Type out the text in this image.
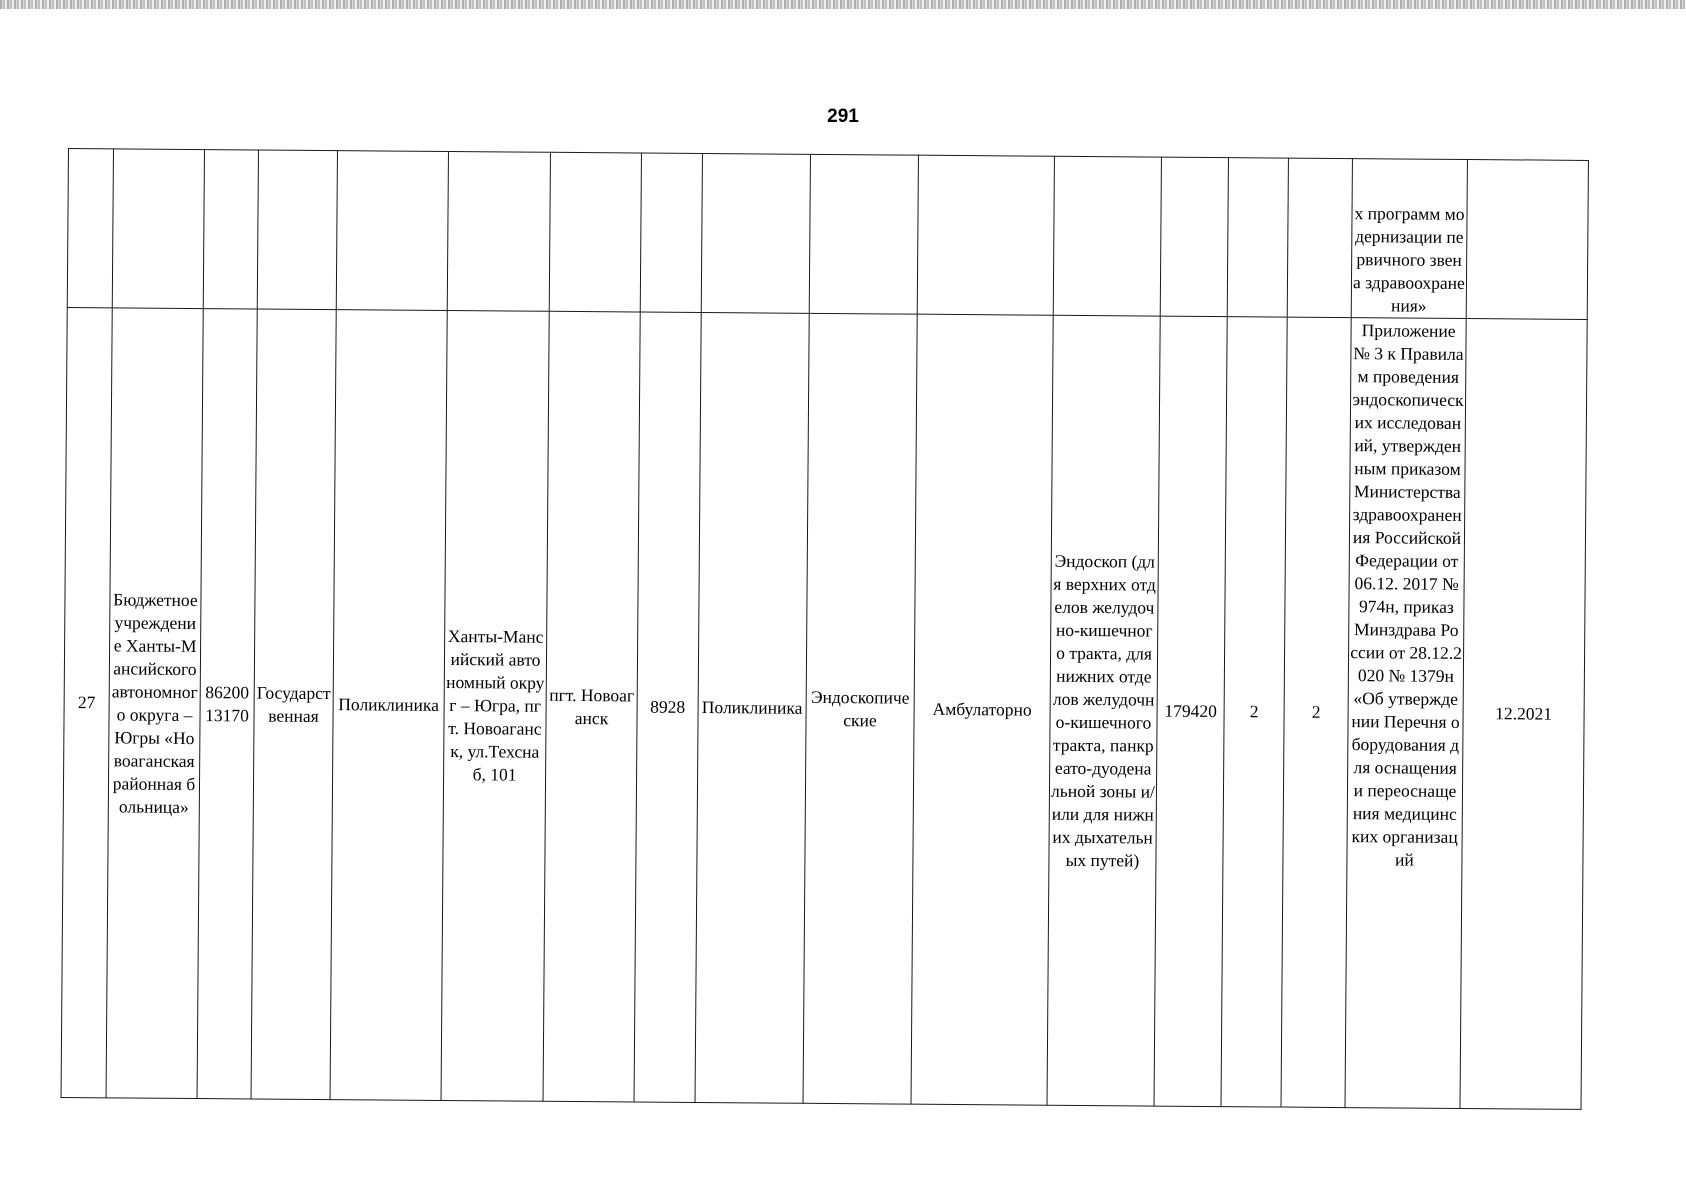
291
															х программ модернизации первичного звена здравоохранения»	
27	Бюджетное учреждение Ханты-Мансийского автономного округа – Югры «Новоаганская районная больница»	8620013170	Государственная	Поликлиника	Ханты-Мансийский автономный округ – Югра, пгт. Новоаганск, ул.Техснаб, 101	пгт. Новоаганск	8928	Поликлиника	Эндоскопические	Амбулаторно	Эндоскоп (для верхних отделов желудочно-кишечного тракта, для нижних отделов желудочно-кишечного тракта, панкреато-дуоденальной зоны и/или для нижних дыхательных путей)	179420	2	2	Приложение № 3 к Правилам проведения эндоскопических исследований, утвержденным приказом Министерства здравоохранения Российской Федерации от 06.12. 2017 № 974н, приказ Минздрава России от 28.12.2020 № 1379н «Об утверждении Перечня оборудования для оснащения и переоснащения медицинских организаций	12.2021
